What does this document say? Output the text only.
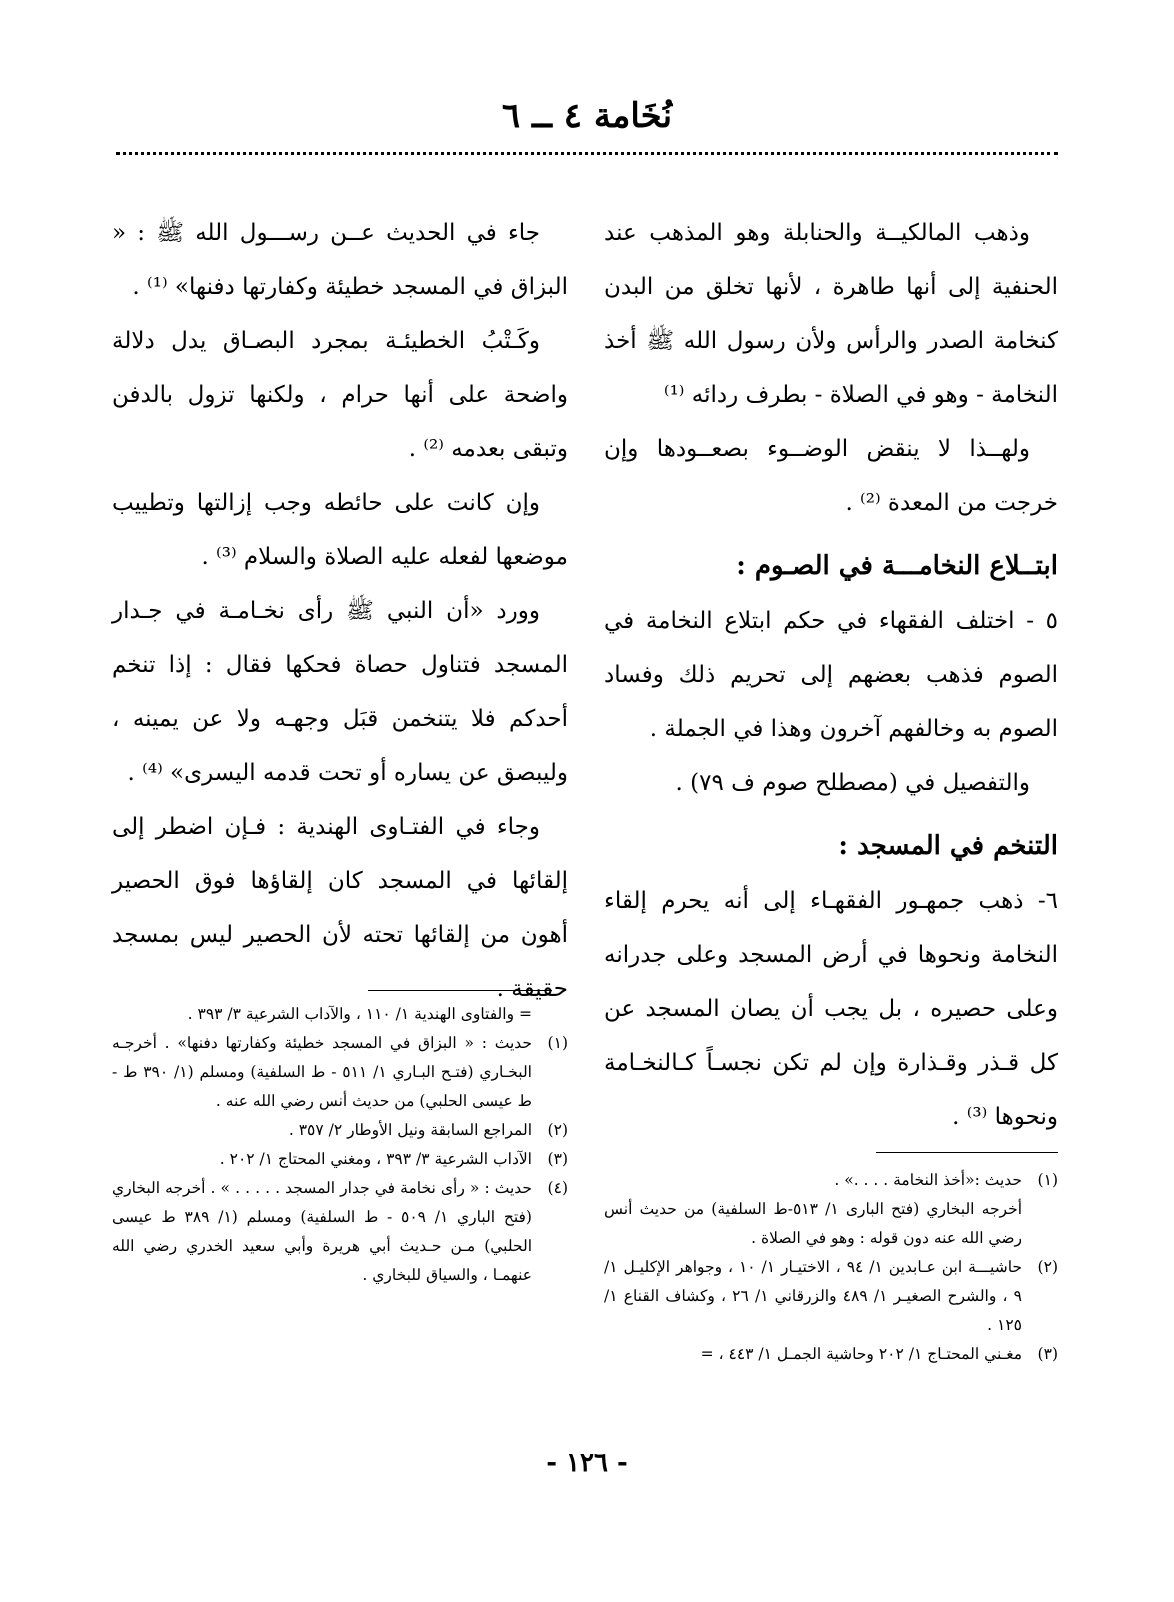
نُخَامة ٤ ــ ٦

وذهب المالكيــة والحنابلة وهو المذهب عند الحنفية إلى أنها طاهرة ، لأنها تخلق من البدن كنخامة الصدر والرأس ولأن رسول الله ﷺ أخذ النخامة - وهو في الصلاة - بطرف ردائه ⁽¹⁾

ولهــذا لا ينقض الوضــوء بصعــودها وإن خرجت من المعدة ⁽²⁾ .

ابتــلاع النخامـــة في الصـوم :

٥ - اختلف الفقهاء في حكم ابتلاع النخامة في الصوم فذهب بعضهم إلى تحريم ذلك وفساد الصوم به وخالفهم آخرون وهذا في الجملة .

والتفصيل في (مصطلح صوم ف ٧٩) .

التنخم في المسجد :

٦- ذهب جمهـور الفقهـاء إلى أنه يحرم إلقاء النخامة ونحوها في أرض المسجد وعلى جدرانه وعلى حصيره ، بل يجب أن يصان المسجد عن كل قـذر وقـذارة وإن لم تكن نجسـاً كـالنخـامة ونحوها ⁽³⁾ .

جاء في الحديث عــن رســـول الله ﷺ : « البزاق في المسجد خطيئة وكفارتها دفنها» ⁽¹⁾ .

وكَـتْبُ الخطيئـة بمجرد البصـاق يدل دلالة واضحة على أنها حرام ، ولكنها تزول بالدفن وتبقى بعدمه ⁽²⁾ .

وإن كانت على حائطه وجب إزالتها وتطييب موضعها لفعله عليه الصلاة والسلام ⁽³⁾ .

وورد «أن النبي ﷺ رأى نخـامـة في جـدار المسجد فتناول حصاة فحكها فقال : إذا تنخم أحدكم فلا يتنخمن قبَل وجهـه ولا عن يمينه ، وليبصق عن يساره أو تحت قدمه اليسرى» ⁽⁴⁾ .

وجاء في الفتـاوى الهندية : فـإن اضطر إلى إلقائها في المسجد كان إلقاؤها فوق الحصير أهون من إلقائها تحته لأن الحصير ليس بمسجد حقيقة .

= والفتاوى الهندية ١/ ١١٠ ، والآداب الشرعية ٣/ ٣٩٣ .

(١)
حديث : « البزاق في المسجد خطيئة وكفارتها دفنها» . أخرجـه البخـاري (فتـح البـاري ١/ ٥١١ - ط السلفية) ومسلم (١/ ٣٩٠ ط - ط عيسى الحلبي) من حديث أنس رضي الله عنه .
(٢)
المراجع السابقة ونيل الأوطار ٢/ ٣٥٧ .
(٣)
الآداب الشرعية ٣/ ٣٩٣ ، ومغني المحتاج ١/ ٢٠٢ .
(٤)
حديث : « رأى نخامة في جدار المسجد . . . . . » . أخرجه البخاري (فتح الباري ١/ ٥٠٩ - ط السلفية) ومسلم (١/ ٣٨٩ ط عيسى الحلبي) مـن حـديث أبي هريرة وأبي سعيد الخدري رضي الله عنهمـا ، والسياق للبخاري .
(١)
حديث :«أخذ النخامة . . . .» .
أخرجه البخاري (فتح البارى ١/ ٥١٣-ط السلفية) من حديث أنس رضي الله عنه دون قوله : وهو في الصلاة .
(٢)
حاشيـــة ابن عـابدين ١/ ٩٤ ، الاختيـار ١/ ١٠ ، وجواهر الإكليـل ١/ ٩ ، والشرح الصغيـر ١/ ٤٨٩ والزرقاني ١/ ٢٦ ، وكشاف القناع ١/ ١٢٥ .
(٣)
مغـني المحتـاج ١/ ٢٠٢ وحاشية الجمـل ١/ ٤٤٣ ، =
- ١٢٦ -
